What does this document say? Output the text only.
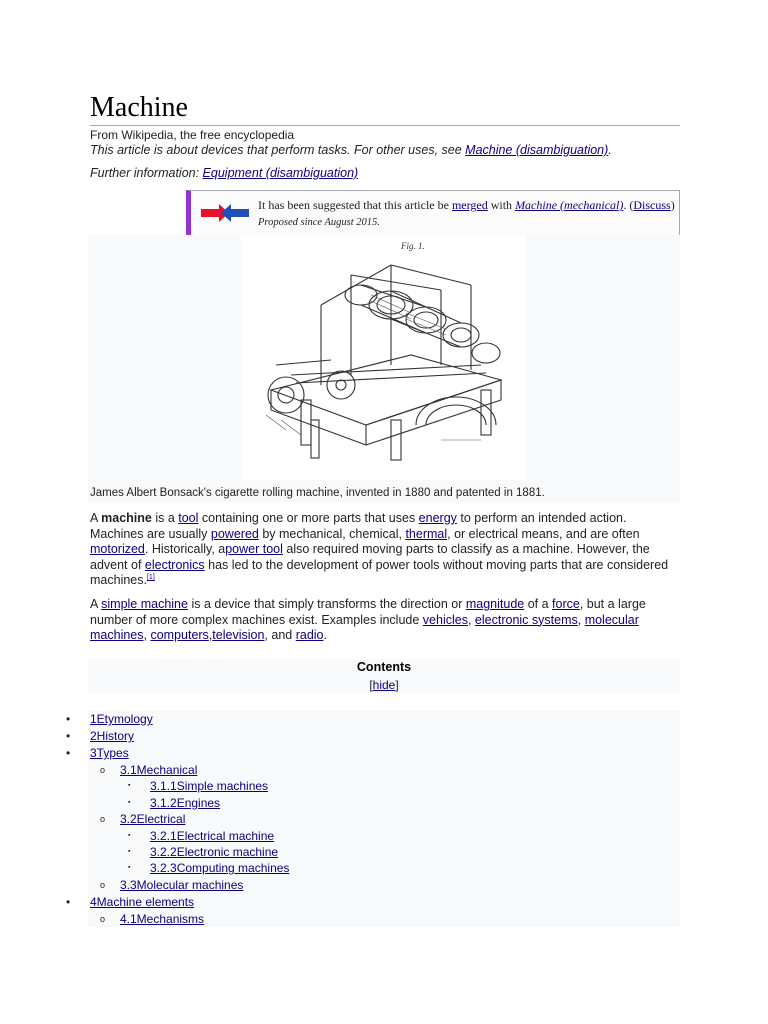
Machine
From Wikipedia, the free encyclopedia
This article is about devices that perform tasks. For other uses, see Machine (disambiguation).
Further information: Equipment (disambiguation)
It has been suggested that this article be merged with Machine (mechanical). (Discuss) Proposed since August 2015.
Fig. 1.
James Albert Bonsack's cigarette rolling machine, invented in 1880 and patented in 1881.

A machine is a tool containing one or more parts that uses energy to perform an intended action. Machines are usually powered by mechanical, chemical, thermal, or electrical means, and are often motorized. Historically, apower tool also required moving parts to classify as a machine. However, the advent of electronics has led to the development of power tools without moving parts that are considered machines.[1]

A simple machine is a device that simply transforms the direction or magnitude of a force, but a large number of more complex machines exist. Examples include vehicles, electronic systems, molecular machines, computers,television, and radio.

Contents
[hide]
• 1Etymology
• 2History
• 3Types
o 3.1Mechanical
▪ 3.1.1Simple machines
▪ 3.1.2Engines
o 3.2Electrical
▪ 3.2.1Electrical machine
▪ 3.2.2Electronic machine
▪ 3.2.3Computing machines
o 3.3Molecular machines
• 4Machine elements
o 4.1Mechanisms
